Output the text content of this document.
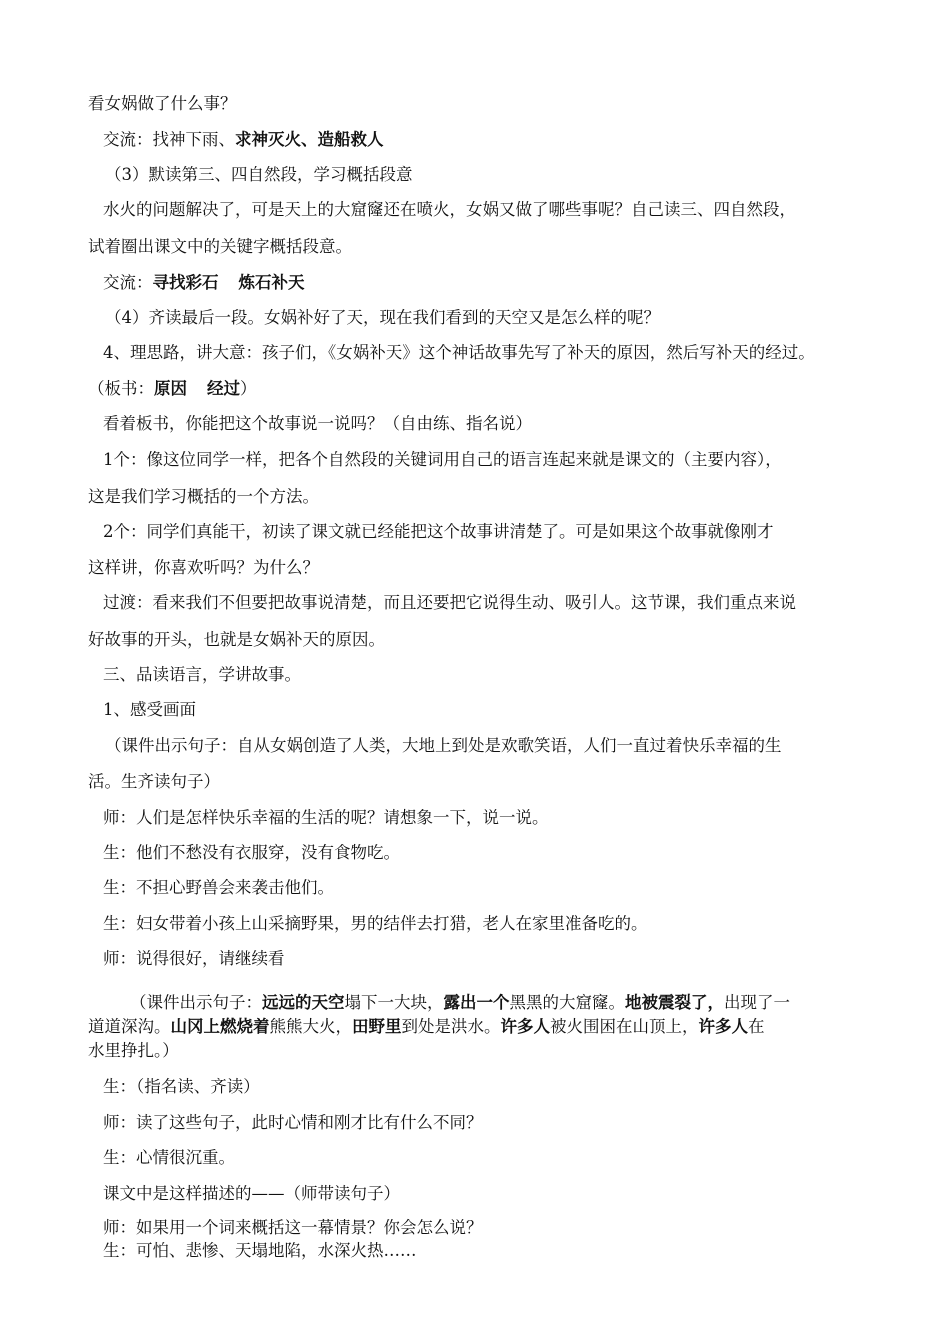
看女娲做了什么事？
交流：找神下雨、求神灭火、造船救人
（3）默读第三、四自然段，学习概括段意
水火的问题解决了，可是天上的大窟窿还在喷火，女娲又做了哪些事呢？自己读三、四自然段，
试着圈出课文中的关键字概括段意。
交流：寻找彩石 炼石补天
（4）齐读最后一段。女娲补好了天，现在我们看到的天空又是怎么样的呢？
4、理思路，讲大意：孩子们，《女娲补天》这个神话故事先写了补天的原因，然后写补天的经过。
（板书：原因 经过）
看着板书，你能把这个故事说一说吗？（自由练、指名说）
1个：像这位同学一样，把各个自然段的关键词用自己的语言连起来就是课文的（主要内容），
这是我们学习概括的一个方法。
2个：同学们真能干，初读了课文就已经能把这个故事讲清楚了。可是如果这个故事就像刚才
这样讲，你喜欢听吗？为什么？
过渡：看来我们不但要把故事说清楚，而且还要把它说得生动、吸引人。这节课，我们重点来说
好故事的开头，也就是女娲补天的原因。
三、品读语言，学讲故事。
1、感受画面
（课件出示句子：自从女娲创造了人类，大地上到处是欢歌笑语，人们一直过着快乐幸福的生
活。生齐读句子）
师：人们是怎样快乐幸福的生活的呢？请想象一下，说一说。
生：他们不愁没有衣服穿，没有食物吃。
生：不担心野兽会来袭击他们。
生：妇女带着小孩上山采摘野果，男的结伴去打猎，老人在家里准备吃的。
师：说得很好，请继续看
（课件出示句子：远远的天空塌下一大块，露出一个黑黑的大窟窿。地被震裂了，出现了一
道道深沟。山冈上燃烧着熊熊大火，田野里到处是洪水。许多人被火围困在山顶上，许多人在
水里挣扎。）
生：（指名读、齐读）
师：读了这些句子，此时心情和刚才比有什么不同？
生：心情很沉重。
课文中是这样描述的——（师带读句子）
师：如果用一个词来概括这一幕情景？你会怎么说？
生：可怕、悲惨、天塌地陷，水深火热……
